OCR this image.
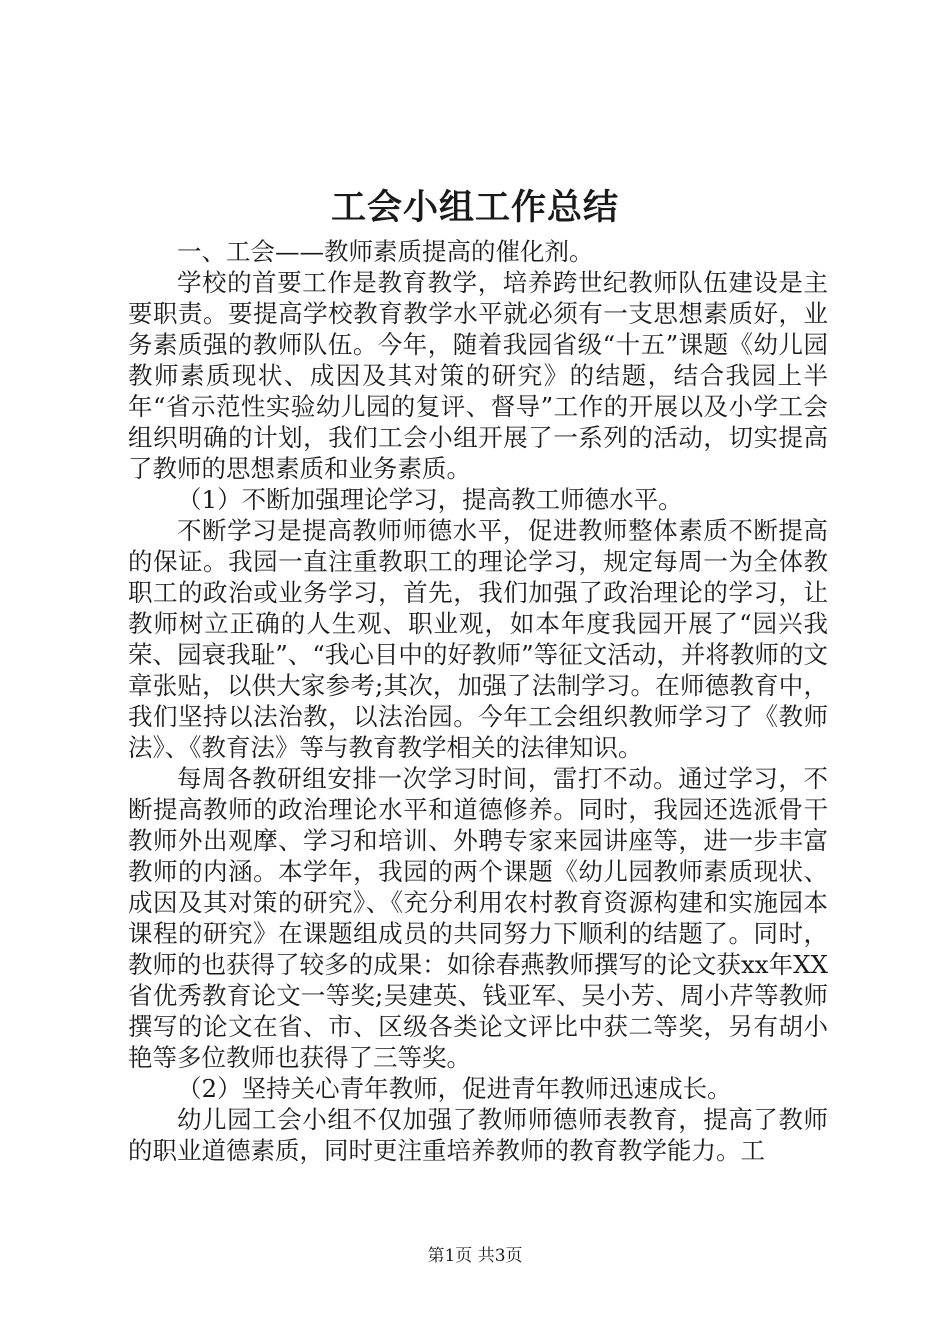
工会小组工作总结

一、工会——教师素质提高的催化剂。

学校的首要工作是教育教学，培养跨世纪教师队伍建设是主要职责。要提高学校教育教学水平就必须有一支思想素质好，业务素质强的教师队伍。今年，随着我园省级“十五”课题《幼儿园教师素质现状、成因及其对策的研究》的结题，结合我园上半年“省示范性实验幼儿园的复评、督导”工作的开展以及小学工会组织明确的计划，我们工会小组开展了一系列的活动，切实提高了教师的思想素质和业务素质。

（1）不断加强理论学习，提高教工师德水平。

不断学习是提高教师师德水平，促进教师整体素质不断提高的保证。我园一直注重教职工的理论学习，规定每周一为全体教职工的政治或业务学习，首先，我们加强了政治理论的学习，让教师树立正确的人生观、职业观，如本年度我园开展了“园兴我荣、园衰我耻”、“我心目中的好教师”等征文活动，并将教师的文章张贴，以供大家参考;其次，加强了法制学习。在师德教育中，我们坚持以法治教，以法治园。今年工会组织教师学习了《教师法》、《教育法》等与教育教学相关的法律知识。

每周各教研组安排一次学习时间，雷打不动。通过学习，不断提高教师的政治理论水平和道德修养。同时，我园还选派骨干教师外出观摩、学习和培训、外聘专家来园讲座等，进一步丰富教师的内涵。本学年，我园的两个课题《幼儿园教师素质现状、成因及其对策的研究》、《充分利用农村教育资源构建和实施园本课程的研究》在课题组成员的共同努力下顺利的结题了。同时，教师的也获得了较多的成果：如徐春燕教师撰写的论文获xx年XX省优秀教育论文一等奖;吴建英、钱亚军、吴小芳、周小芹等教师撰写的论文在省、市、区级各类论文评比中获二等奖，另有胡小艳等多位教师也获得了三等奖。

（2）坚持关心青年教师，促进青年教师迅速成长。

幼儿园工会小组不仅加强了教师师德师表教育，提高了教师的职业道德素质，同时更注重培养教师的教育教学能力。工

第1页 共3页
